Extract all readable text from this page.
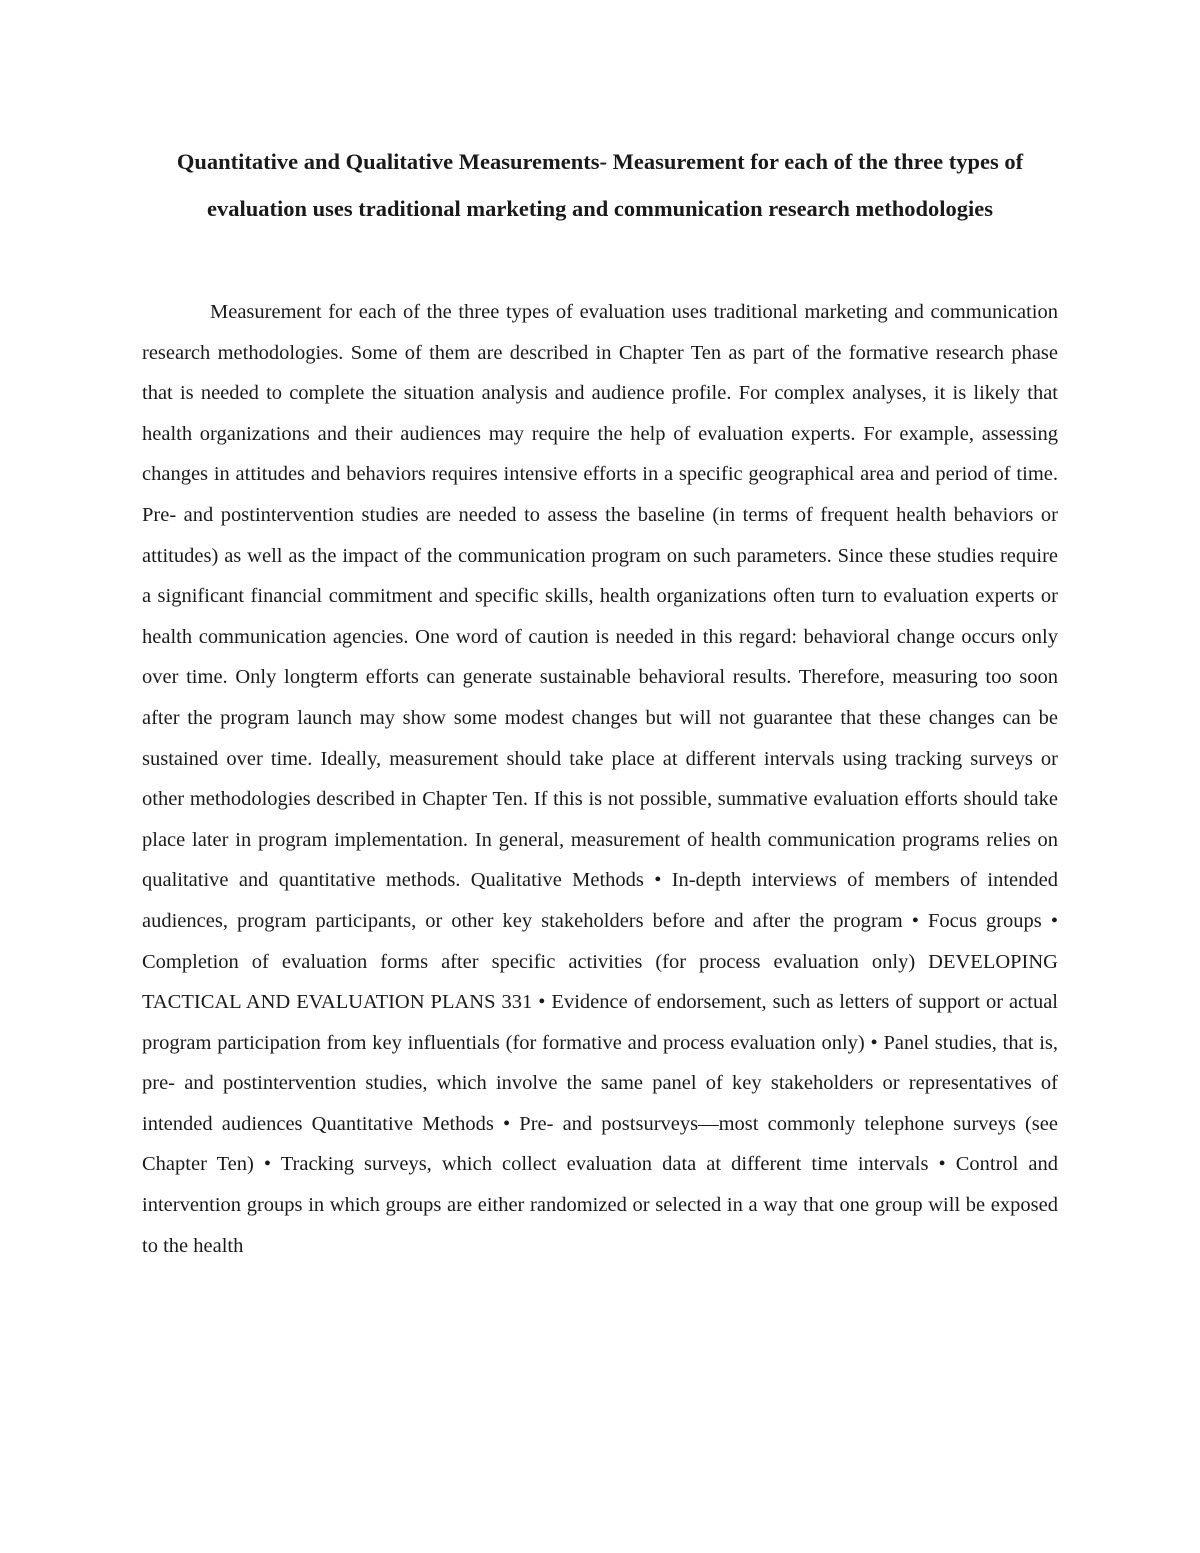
Quantitative and Qualitative Measurements- Measurement for each of the three types of evaluation uses traditional marketing and communication research methodologies

Measurement for each of the three types of evaluation uses traditional marketing and communication research methodologies. Some of them are described in Chapter Ten as part of the formative research phase that is needed to complete the situation analysis and audience profile. For complex analyses, it is likely that health organizations and their audiences may require the help of evaluation experts. For example, assessing changes in attitudes and behaviors requires intensive efforts in a specific geographical area and period of time. Pre- and postintervention studies are needed to assess the baseline (in terms of frequent health behaviors or attitudes) as well as the impact of the communication program on such parameters. Since these studies require a significant financial commitment and specific skills, health organizations often turn to evaluation experts or health communication agencies. One word of caution is needed in this regard: behavioral change occurs only over time. Only longterm efforts can generate sustainable behavioral results. Therefore, measuring too soon after the program launch may show some modest changes but will not guarantee that these changes can be sustained over time. Ideally, measurement should take place at different intervals using tracking surveys or other methodologies described in Chapter Ten. If this is not possible, summative evaluation efforts should take place later in program implementation. In general, measurement of health communication programs relies on qualitative and quantitative methods. Qualitative Methods • In-depth interviews of members of intended audiences, program participants, or other key stakeholders before and after the program • Focus groups • Completion of evaluation forms after specific activities (for process evaluation only) DEVELOPING TACTICAL AND EVALUATION PLANS 331 • Evidence of endorsement, such as letters of support or actual program participation from key influentials (for formative and process evaluation only) • Panel studies, that is, pre- and postintervention studies, which involve the same panel of key stakeholders or representatives of intended audiences Quantitative Methods • Pre- and postsurveys—most commonly telephone surveys (see Chapter Ten) • Tracking surveys, which collect evaluation data at different time intervals • Control and intervention groups in which groups are either randomized or selected in a way that one group will be exposed to the health
